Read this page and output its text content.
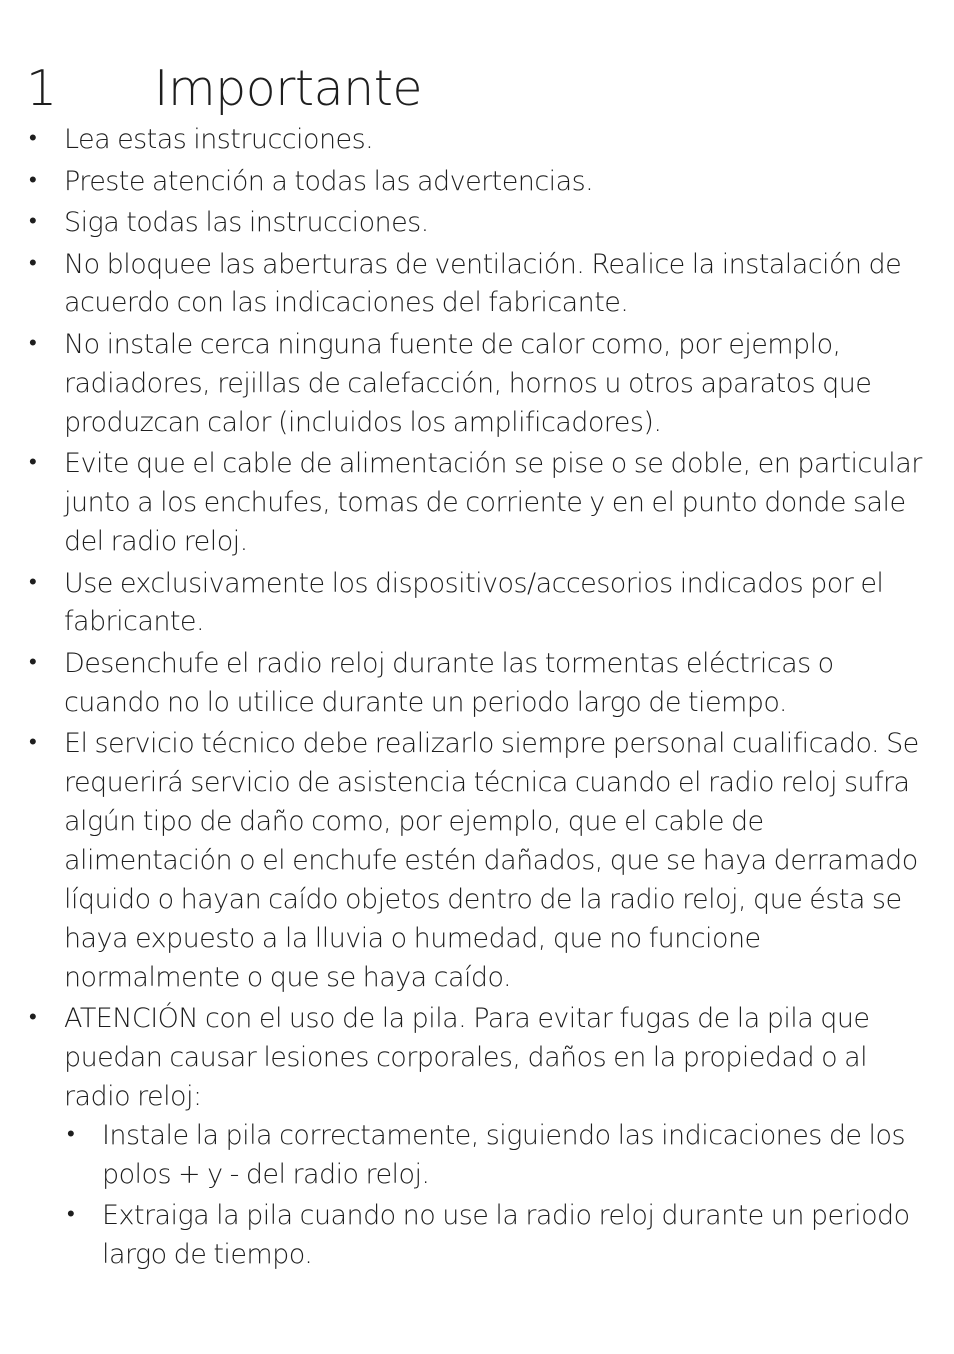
1	Importante
• Lea estas instrucciones.
• Preste atención a todas las advertencias.
• Siga todas las instrucciones.
• No bloquee las aberturas de ventilación. Realice la instalación de acuerdo con las indicaciones del fabricante.
• No instale cerca ninguna fuente de calor como, por ejemplo, radiadores, rejillas de calefacción, hornos u otros aparatos que produzcan calor (incluidos los amplificadores).
• Evite que el cable de alimentación se pise o se doble, en particular junto a los enchufes, tomas de corriente y en el punto donde sale del radio reloj.
• Use exclusivamente los dispositivos/accesorios indicados por el fabricante.
• Desenchufe el radio reloj durante las tormentas eléctricas o cuando no lo utilice durante un periodo largo de tiempo.
• El servicio técnico debe realizarlo siempre personal cualificado. Se requerirá servicio de asistencia técnica cuando el radio reloj sufra algún tipo de daño como, por ejemplo, que el cable de alimentación o el enchufe estén dañados, que se haya derramado líquido o hayan caído objetos dentro de la radio reloj, que ésta se haya expuesto a la lluvia o humedad, que no funcione normalmente o que se haya caído.
• ATENCIÓN con el uso de la pila. Para evitar fugas de la pila que puedan causar lesiones corporales, daños en la propiedad o al radio reloj:
• Instale la pila correctamente, siguiendo las indicaciones de los polos + y - del radio reloj.
• Extraiga la pila cuando no use la radio reloj durante un periodo largo de tiempo.
